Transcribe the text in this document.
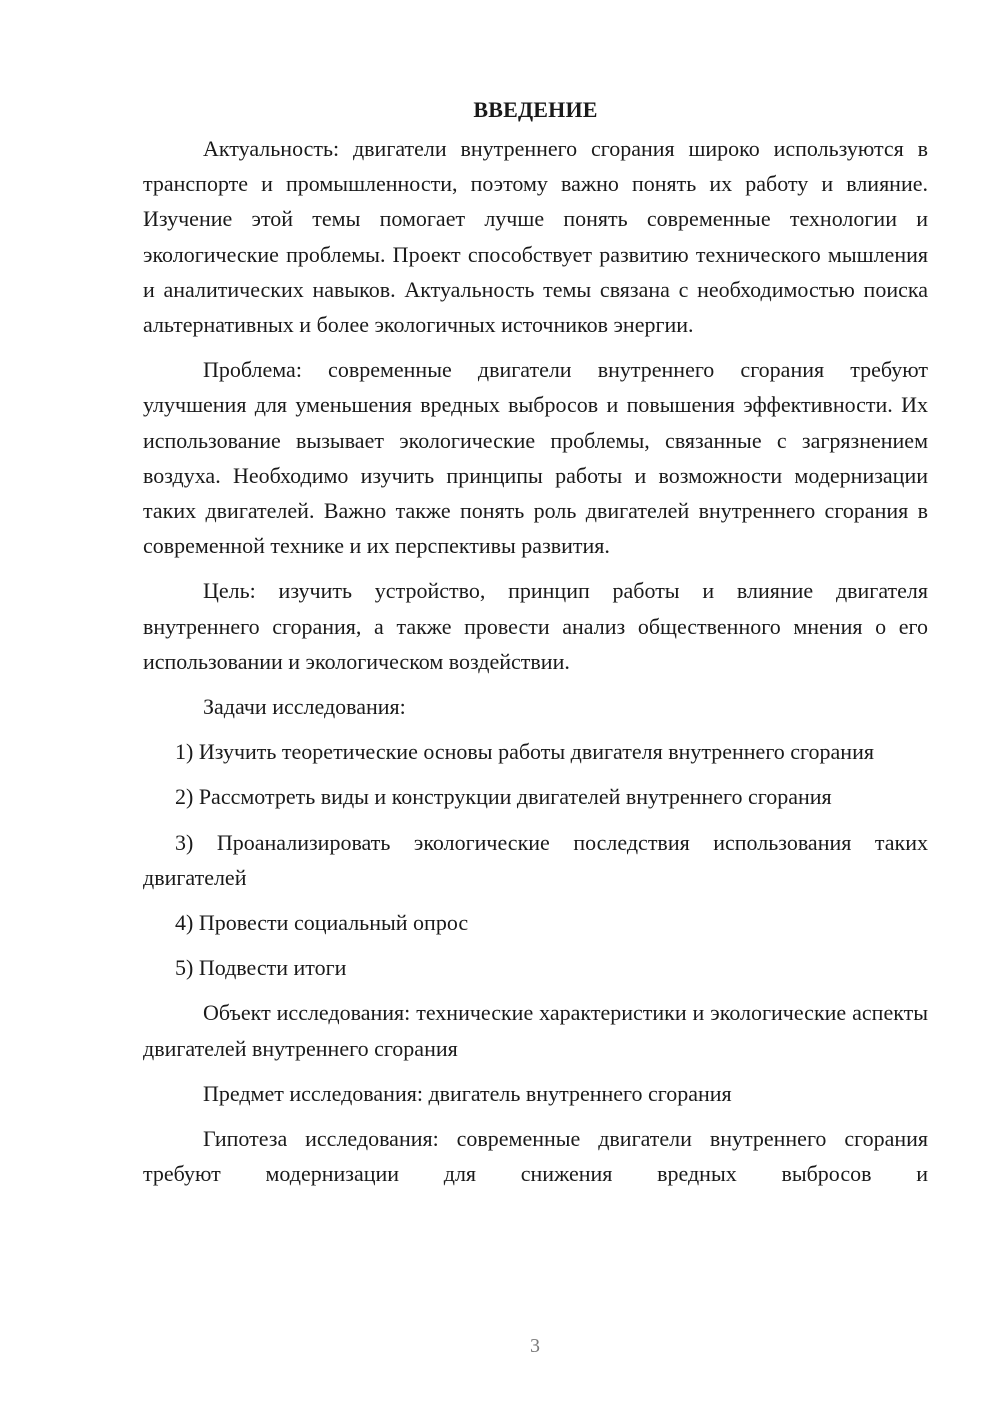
ВВЕДЕНИЕ

Актуальность: двигатели внутреннего сгорания широко используются в транспорте и промышленности, поэтому важно понять их работу и влияние. Изучение этой темы помогает лучше понять современные технологии и экологические проблемы. Проект способствует развитию технического мышления и аналитических навыков. Актуальность темы связана с необходимостью поиска альтернативных и более экологичных источников энергии.

Проблема: современные двигатели внутреннего сгорания требуют улучшения для уменьшения вредных выбросов и повышения эффективности. Их использование вызывает экологические проблемы, связанные с загрязнением воздуха. Необходимо изучить принципы работы и возможности модернизации таких двигателей. Важно также понять роль двигателей внутреннего сгорания в современной технике и их перспективы развития.

Цель: изучить устройство, принцип работы и влияние двигателя внутреннего сгорания, а также провести анализ общественного мнения о его использовании и экологическом воздействии.

Задачи исследования:

1) Изучить теоретические основы работы двигателя внутреннего сгорания

2) Рассмотреть виды и конструкции двигателей внутреннего сгорания

3) Проанализировать экологические последствия использования таких двигателей

4) Провести социальный опрос

5) Подвести итоги

Объект исследования: технические характеристики и экологические аспекты двигателей внутреннего сгорания

Предмет исследования: двигатель внутреннего сгорания

Гипотеза исследования: современные двигатели внутреннего сгорания требуют модернизации для снижения вредных выбросов и

3
